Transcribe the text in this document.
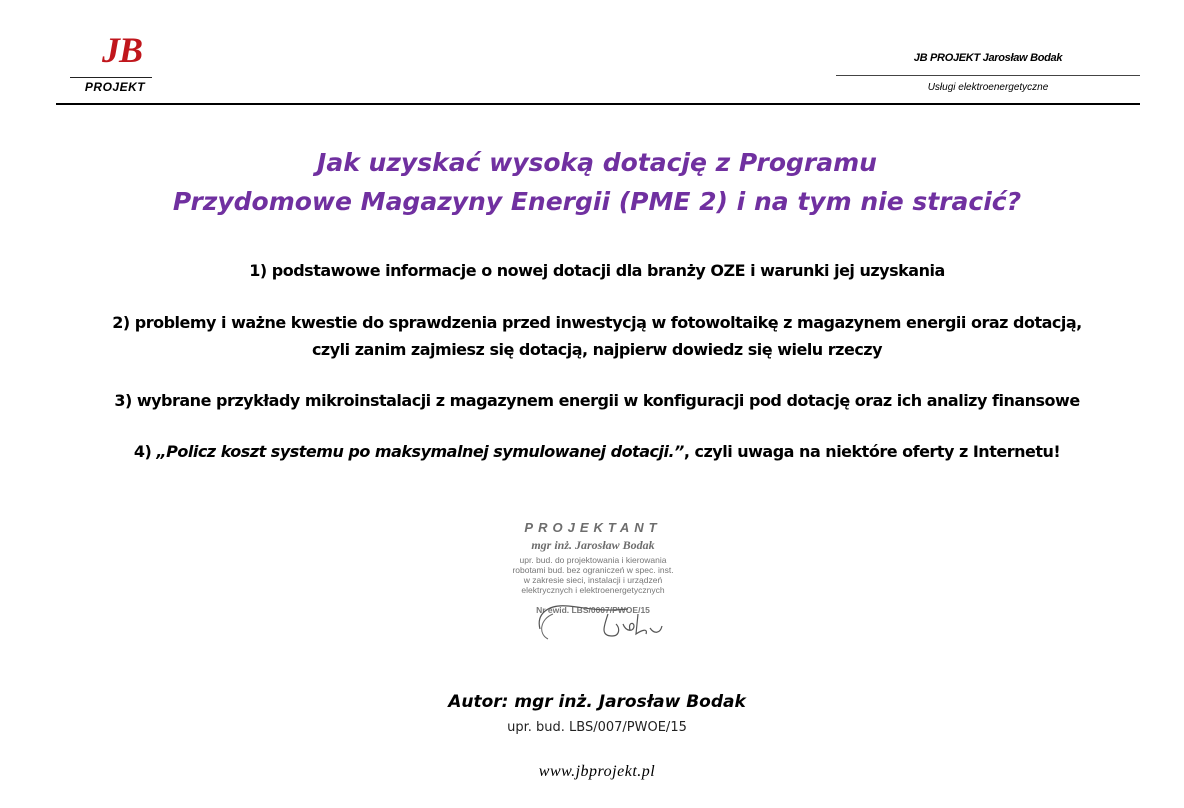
JB
PROJEKT
JB PROJEKT Jarosław Bodak
Usługi elektroenergetyczne
Jak uzyskać wysoką dotację z Programu
Przydomowe Magazyny Energii (PME 2) i na tym nie stracić?
1) podstawowe informacje o nowej dotacji dla branży OZE i warunki jej uzyskania
2) problemy i ważne kwestie do sprawdzenia przed inwestycją w fotowoltaikę z magazynem energii oraz dotacją,
czyli zanim zajmiesz się dotacją, najpierw dowiedz się wielu rzeczy
3) wybrane przykłady mikroinstalacji z magazynem energii w konfiguracji pod dotację oraz ich analizy finansowe
4) „Policz koszt systemu po maksymalnej symulowanej dotacji.”, czyli uwaga na niektóre oferty z Internetu!
PROJEKTANT
mgr inż. Jarosław Bodak
upr. bud. do projektowania i kierowania
robotami bud. bez ograniczeń w spec. inst.
w zakresie sieci, instalacji i urządzeń
elektrycznych i elektroenergetycznych
Nr ewid. LBS/0007/PWOE/15
Autor: mgr inż. Jarosław Bodak
upr. bud. LBS/007/PWOE/15
www.jbprojekt.pl
